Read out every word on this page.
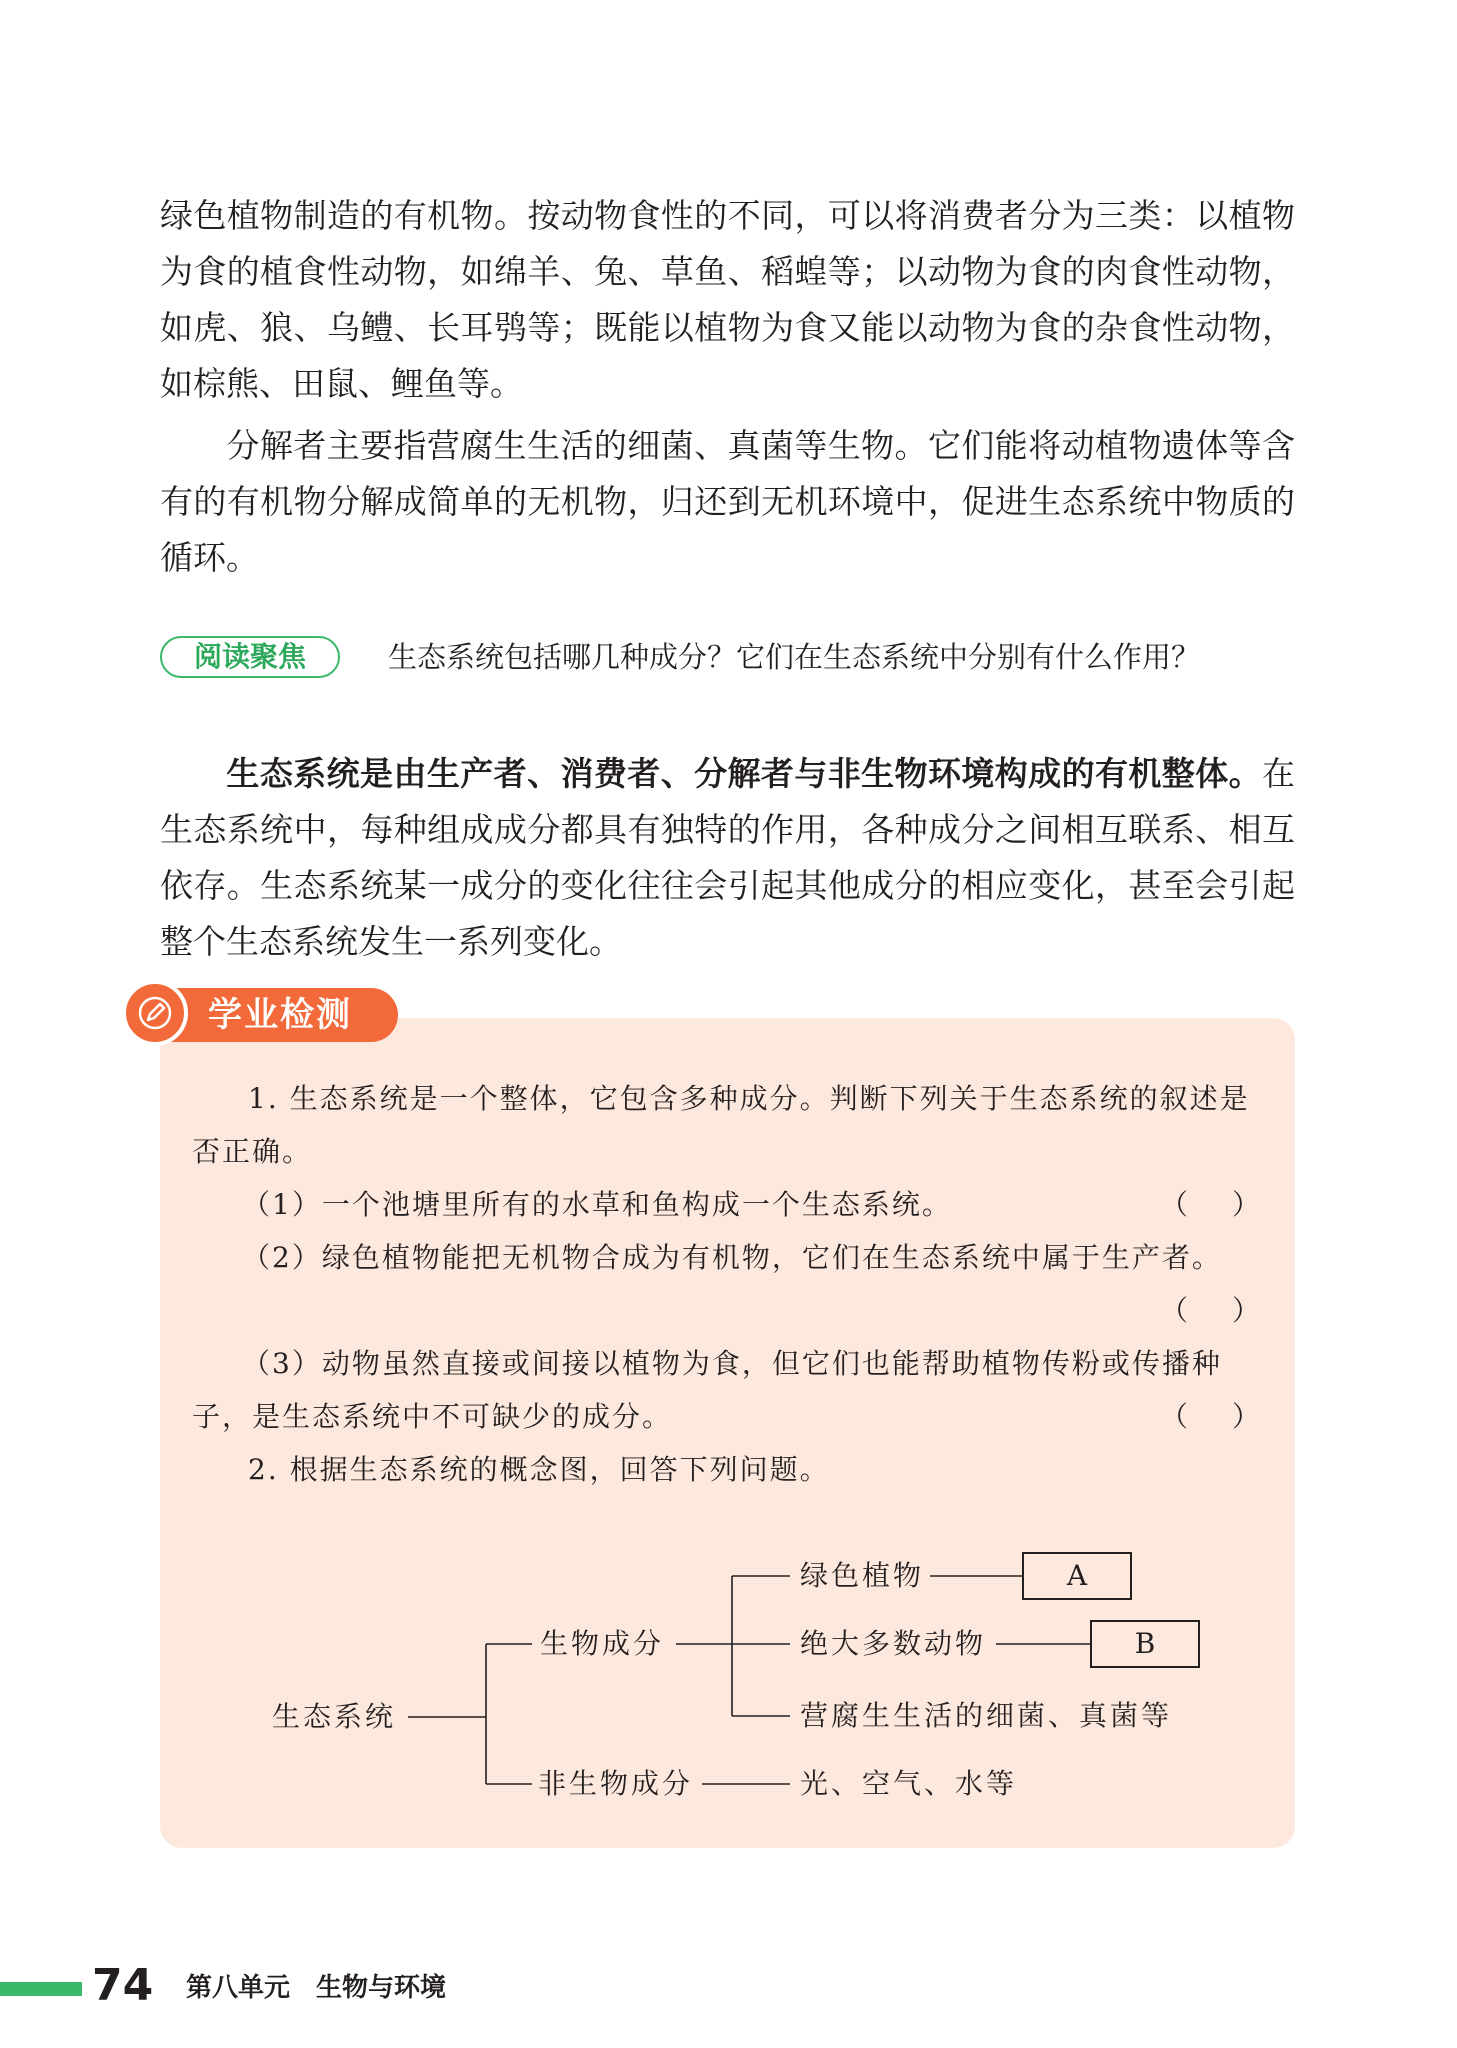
绿色植物制造的有机物。按动物食性的不同，可以将消费者分为三类：以植物为食的植食性动物，如绵羊、兔、草鱼、稻蝗等；以动物为食的肉食性动物，如虎、狼、乌鳢、长耳鸮等；既能以植物为食又能以动物为食的杂食性动物，如棕熊、田鼠、鲤鱼等。

分解者主要指营腐生生活的细菌、真菌等生物。它们能将动植物遗体等含有的有机物分解成简单的无机物，归还到无机环境中，促进生态系统中物质的循环。

阅读聚焦	生态系统包括哪几种成分？它们在生态系统中分别有什么作用？

生态系统是由生产者、消费者、分解者与非生物环境构成的有机整体。在生态系统中，每种组成成分都具有独特的作用，各种成分之间相互联系、相互依存。生态系统某一成分的变化往往会引起其他成分的相应变化，甚至会引起整个生态系统发生一系列变化。

学业检测

1. 生态系统是一个整体，它包含多种成分。判断下列关于生态系统的叙述是否正确。

（1）一个池塘里所有的水草和鱼构成一个生态系统。	（）

（2）绿色植物能把无机物合成为有机物，它们在生态系统中属于生产者。

（）

（3）动物虽然直接或间接以植物为食，但它们也能帮助植物传粉或传播种子，是生态系统中不可缺少的成分。	（）

2. 根据生态系统的概念图，回答下列问题。

生态系统
生物成分
非生物成分
绿色植物
绝大多数动物
营腐生生活的细菌、真菌等
光、空气、水等
A
B
74 第八单元 生物与环境
